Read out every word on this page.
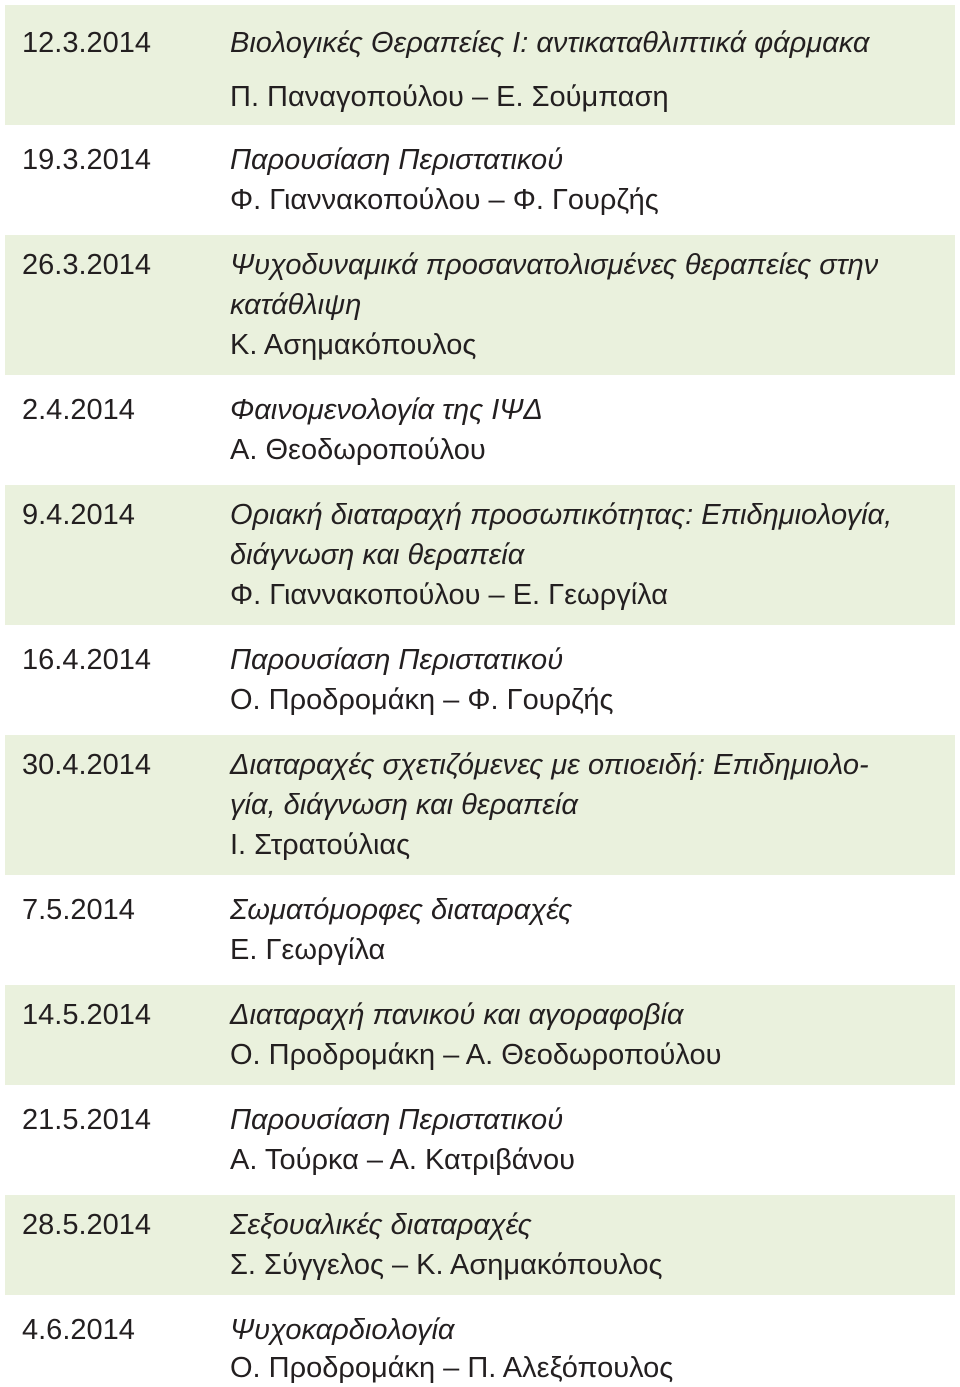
12.3.2014	Βιολογικές Θεραπείες Ι: αντικαταθλιπτικά φάρμακα
Π. Παναγοπούλου – Ε. Σούμπαση
19.3.2014	Παρουσίαση Περιστατικού
Φ. Γιαννακοπούλου – Φ. Γουρζής
26.3.2014	Ψυχοδυναμικά προσανατολισμένες θεραπείες στην
κατάθλιψη
Κ. Ασημακόπουλος
2.4.2014	Φαινομενολογία της ΙΨΔ
Α. Θεοδωροπούλου
9.4.2014	Οριακή διαταραχή προσωπικότητας: Επιδημιολογία,
διάγνωση και θεραπεία
Φ. Γιαννακοπούλου – Ε. Γεωργίλα
16.4.2014	Παρουσίαση Περιστατικού
Ο. Προδρομάκη – Φ. Γουρζής
30.4.2014	Διαταραχές σχετιζόμενες με οπιοειδή: Επιδημιολο-
γία, διάγνωση και θεραπεία
Ι. Στρατούλιας
7.5.2014	Σωματόμορφες διαταραχές
Ε. Γεωργίλα
14.5.2014	Διαταραχή πανικού και αγοραφοβία
Ο. Προδρομάκη – Α. Θεοδωροπούλου
21.5.2014	Παρουσίαση Περιστατικού
Α. Τούρκα – Α. Κατριβάνου
28.5.2014	Σεξουαλικές διαταραχές
Σ. Σύγγελος – Κ. Ασημακόπουλος
4.6.2014	Ψυχοκαρδιολογία
Ο. Προδρομάκη – Π. Αλεξόπουλος
